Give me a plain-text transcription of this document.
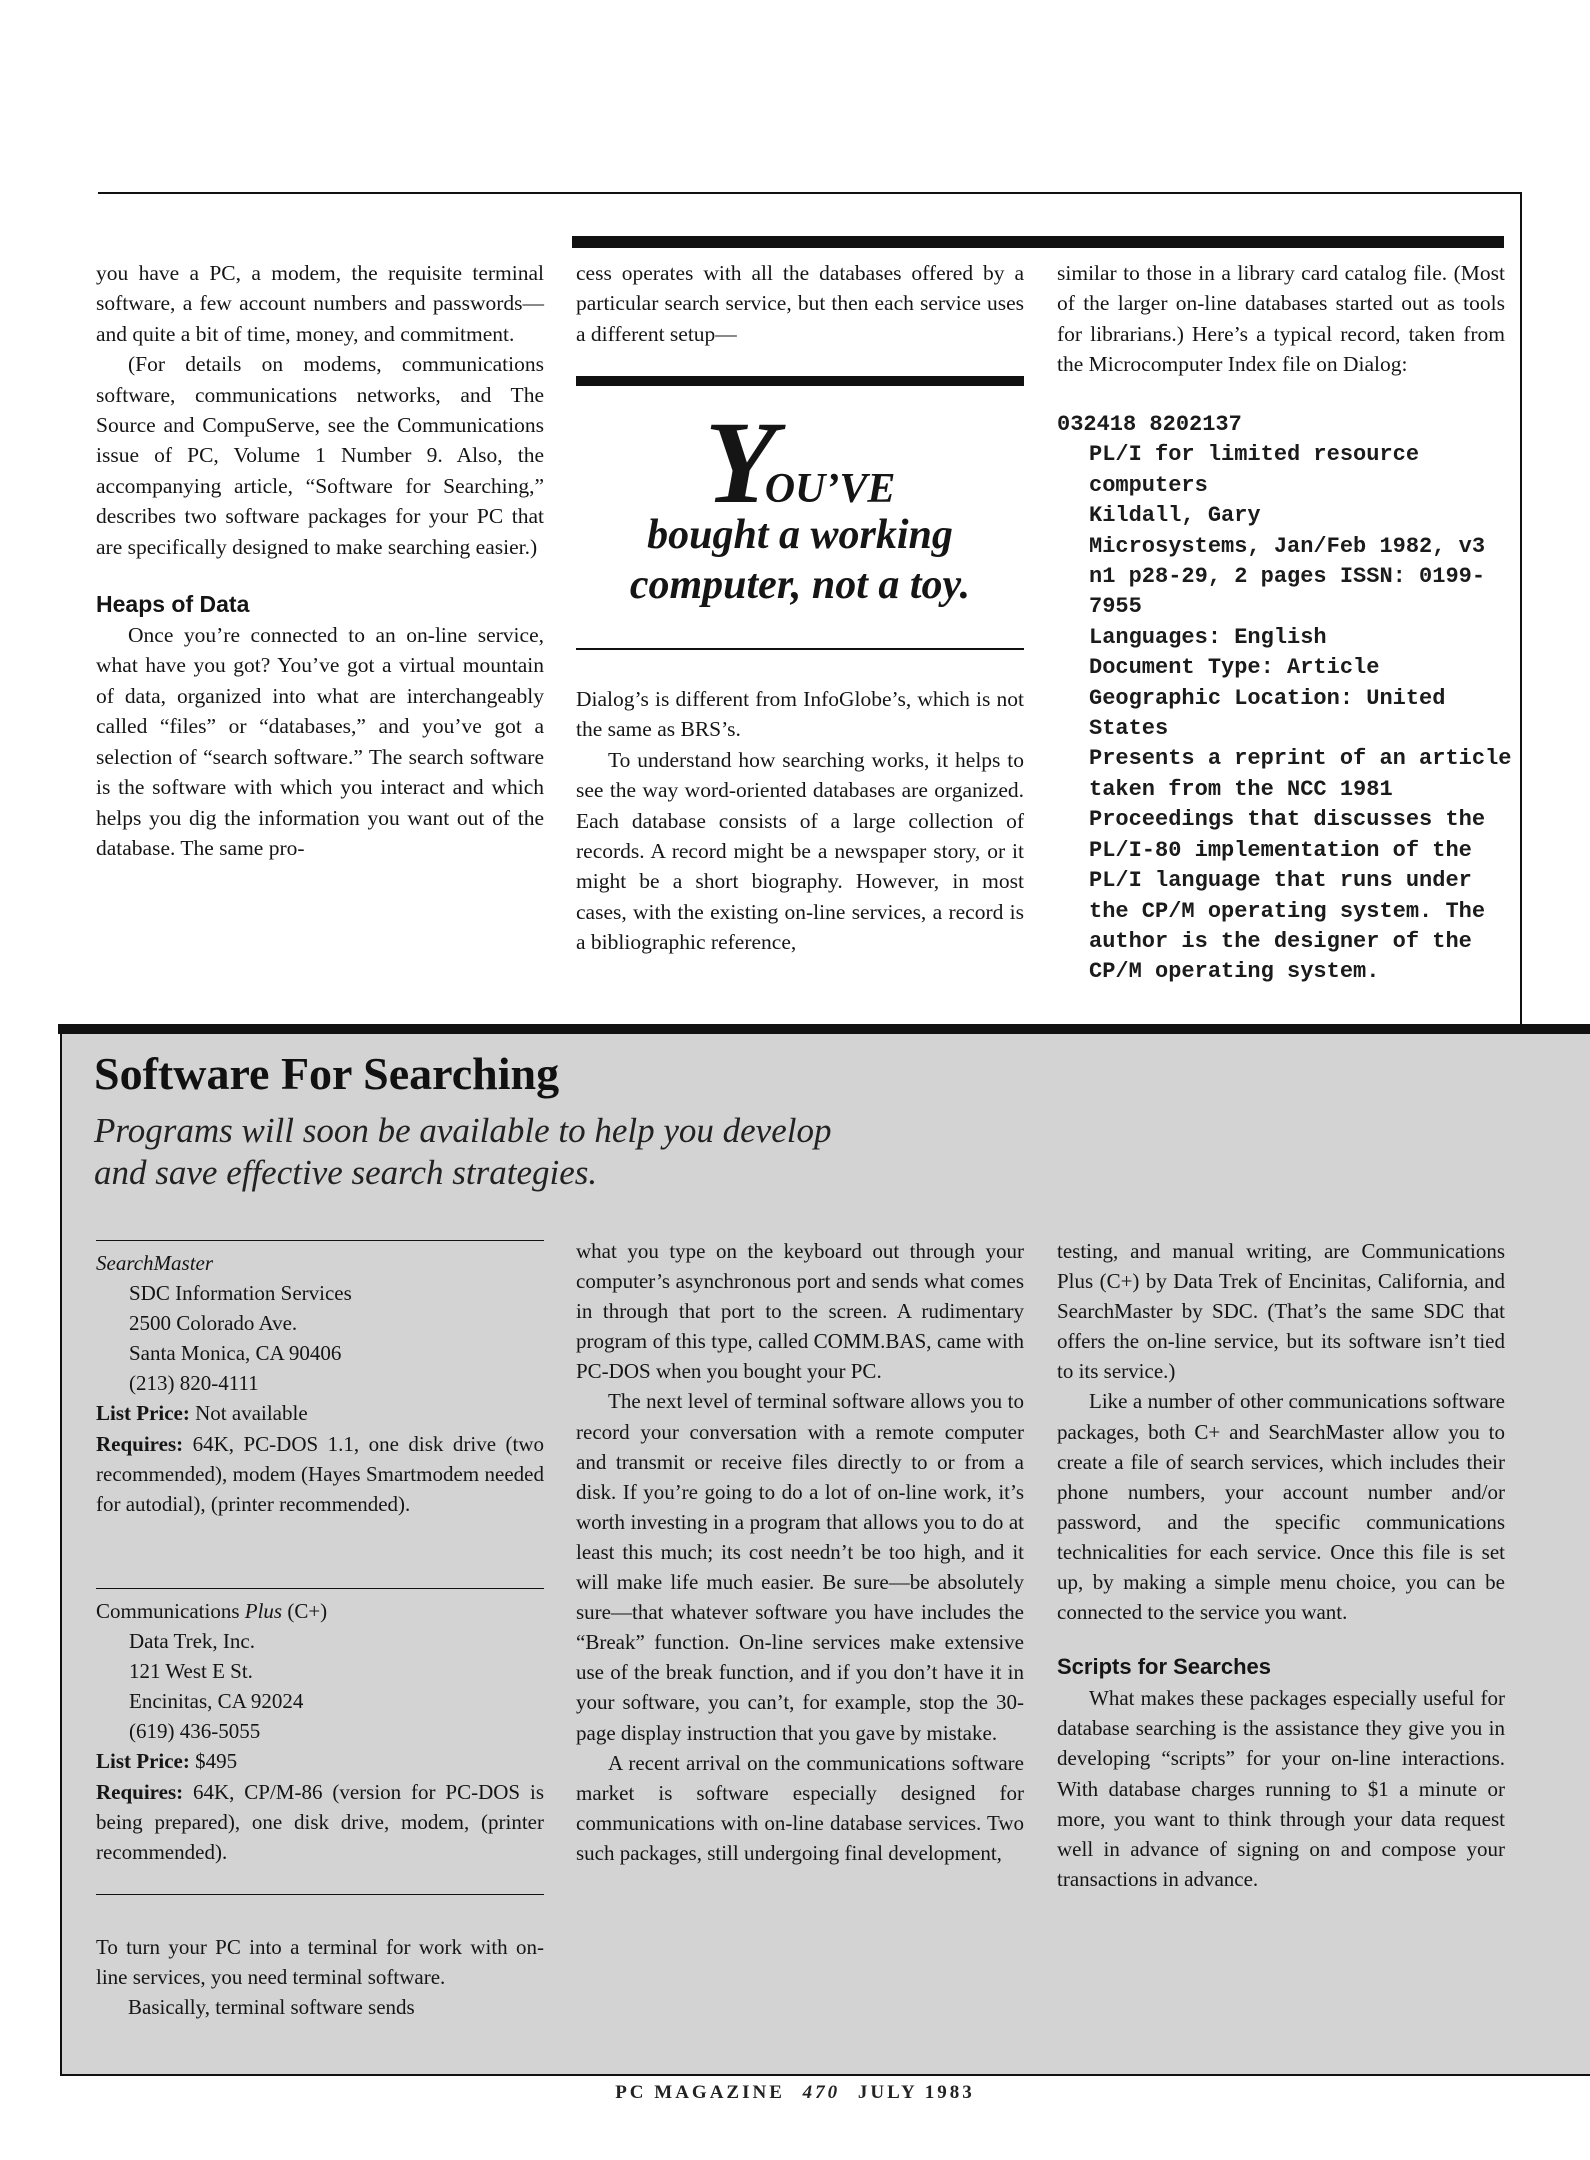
you have a PC, a modem, the requisite terminal software, a few account numbers and passwords—and quite a bit of time, money, and commitment.

(For details on modems, communications software, communications networks, and The Source and CompuServe, see the Communications issue of PC, Volume 1 Number 9. Also, the accompanying article, “Software for Searching,” describes two software packages for your PC that are specifically designed to make searching easier.)

Heaps of Data

Once you’re connected to an on-line service, what have you got? You’ve got a virtual mountain of data, organized into what are interchangeably called “files” or “databases,” and you’ve got a selection of “search software.” The search software is the software with which you interact and which helps you dig the information you want out of the database. The same pro-

cess operates with all the databases offered by a particular search service, but then each service uses a different setup—

YOU’VE
bought a working
computer, not a toy.

Dialog’s is different from InfoGlobe’s, which is not the same as BRS’s.

To understand how searching works, it helps to see the way word-oriented databases are organized. Each database consists of a large collection of records. A record might be a newspaper story, or it might be a short biography. However, in most cases, with the existing on-line services, a record is a bibliographic reference,

similar to those in a library card catalog file. (Most of the larger on-line databases started out as tools for librarians.) Here’s a typical record, taken from the Microcomputer Index file on Dialog:

032418 8202137
PL/I for limited resource computers
Kildall, Gary
Microsystems, Jan/Feb 1982, v3 n1 p28-29, 2 pages ISSN: 0199-7955
Languages: English
Document Type: Article
Geographic Location: United States
Presents a reprint of an article taken from the NCC 1981 Proceedings that discusses the PL/I-80 implementation of the PL/I language that runs under the CP/M operating system. The author is the designer of the CP/M operating system.
Software For Searching
Programs will soon be available to help you develop
and save effective search strategies.
SearchMaster
SDC Information Services
2500 Colorado Ave.
Santa Monica, CA 90406
(213) 820-4111
List Price: Not available
Requires: 64K, PC-DOS 1.1, one disk drive (two recommended), modem (Hayes Smartmodem needed for autodial), (printer recommended).
Communications Plus (C+)
Data Trek, Inc.
121 West E St.
Encinitas, CA 92024
(619) 436-5055
List Price: $495
Requires: 64K, CP/M-86 (version for PC-DOS is being prepared), one disk drive, modem, (printer recommended).

To turn your PC into a terminal for work with on-line services, you need terminal software.

Basically, terminal software sends

what you type on the keyboard out through your computer’s asynchronous port and sends what comes in through that port to the screen. A rudimentary program of this type, called COMM.BAS, came with PC-DOS when you bought your PC.

The next level of terminal software allows you to record your conversation with a remote computer and transmit or receive files directly to or from a disk. If you’re going to do a lot of on-line work, it’s worth investing in a program that allows you to do at least this much; its cost needn’t be too high, and it will make life much easier. Be sure—be absolutely sure—that whatever software you have includes the “Break” function. On-line services make extensive use of the break function, and if you don’t have it in your software, you can’t, for example, stop the 30-page display instruction that you gave by mistake.

A recent arrival on the communications software market is software especially designed for communications with on-line database services. Two such packages, still undergoing final development,

testing, and manual writing, are Communications Plus (C+) by Data Trek of Encinitas, California, and SearchMaster by SDC. (That’s the same SDC that offers the on-line service, but its software isn’t tied to its service.)

Like a number of other communications software packages, both C+ and SearchMaster allow you to create a file of search services, which includes their phone numbers, your account number and/or password, and the specific communications technicalities for each service. Once this file is set up, by making a simple menu choice, you can be connected to the service you want.

Scripts for Searches

What makes these packages especially useful for database searching is the assistance they give you in developing “scripts” for your on-line interactions. With database charges running to $1 a minute or more, you want to think through your data request well in advance of signing on and compose your transactions in advance.

PC MAGAZINE 470 JULY 1983
